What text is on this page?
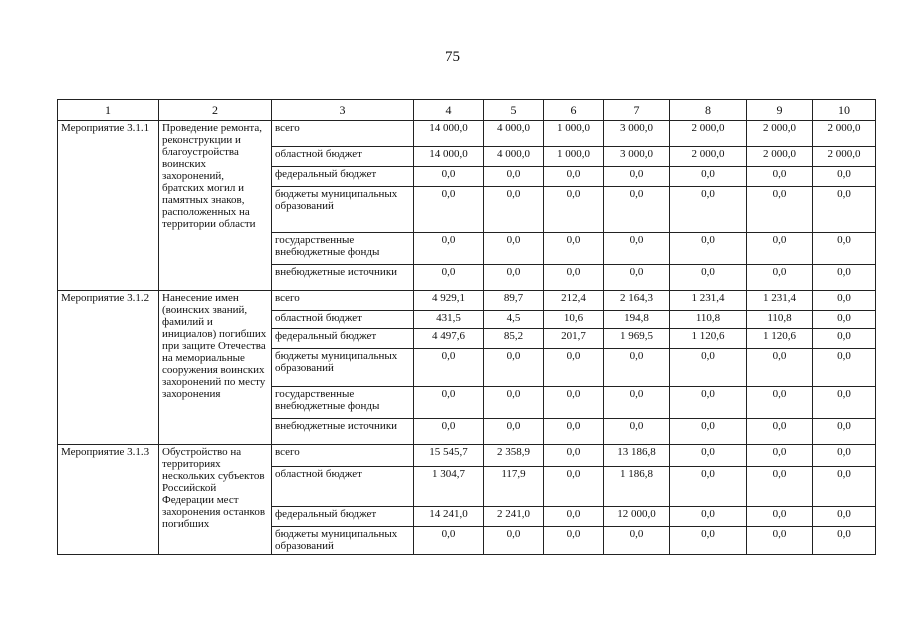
75
1	2	3	4	5	6	7	8	9	10
Мероприятие 3.1.1	Проведение ремонта, реконструкции и благоустройства воинских захоронений, братских могил и памятных знаков, расположенных на территории области	всего	14 000,0	4 000,0	1 000,0	3 000,0	2 000,0	2 000,0	2 000,0
		областной бюджет	14 000,0	4 000,0	1 000,0	3 000,0	2 000,0	2 000,0	2 000,0
		федеральный бюджет	0,0	0,0	0,0	0,0	0,0	0,0	0,0
		бюджеты муниципальных образований	0,0	0,0	0,0	0,0	0,0	0,0	0,0
		государственные внебюджетные фонды	0,0	0,0	0,0	0,0	0,0	0,0	0,0
		внебюджетные источники	0,0	0,0	0,0	0,0	0,0	0,0	0,0
Мероприятие 3.1.2	Нанесение имен (воинских званий, фамилий и инициалов) погибших при защите Отечества на мемориальные сооружения воинских захоронений по месту захоронения	всего	4 929,1	89,7	212,4	2 164,3	1 231,4	1 231,4	0,0
		областной бюджет	431,5	4,5	10,6	194,8	110,8	110,8	0,0
		федеральный бюджет	4 497,6	85,2	201,7	1 969,5	1 120,6	1 120,6	0,0
		бюджеты муниципальных образований	0,0	0,0	0,0	0,0	0,0	0,0	0,0
		государственные внебюджетные фонды	0,0	0,0	0,0	0,0	0,0	0,0	0,0
		внебюджетные источники	0,0	0,0	0,0	0,0	0,0	0,0	0,0
Мероприятие 3.1.3	Обустройство на территориях нескольких субъектов Российской Федерации мест захоронения останков погибших	всего	15 545,7	2 358,9	0,0	13 186,8	0,0	0,0	0,0
		областной бюджет	1 304,7	117,9	0,0	1 186,8	0,0	0,0	0,0
		федеральный бюджет	14 241,0	2 241,0	0,0	12 000,0	0,0	0,0	0,0
		бюджеты муниципальных образований	0,0	0,0	0,0	0,0	0,0	0,0	0,0
